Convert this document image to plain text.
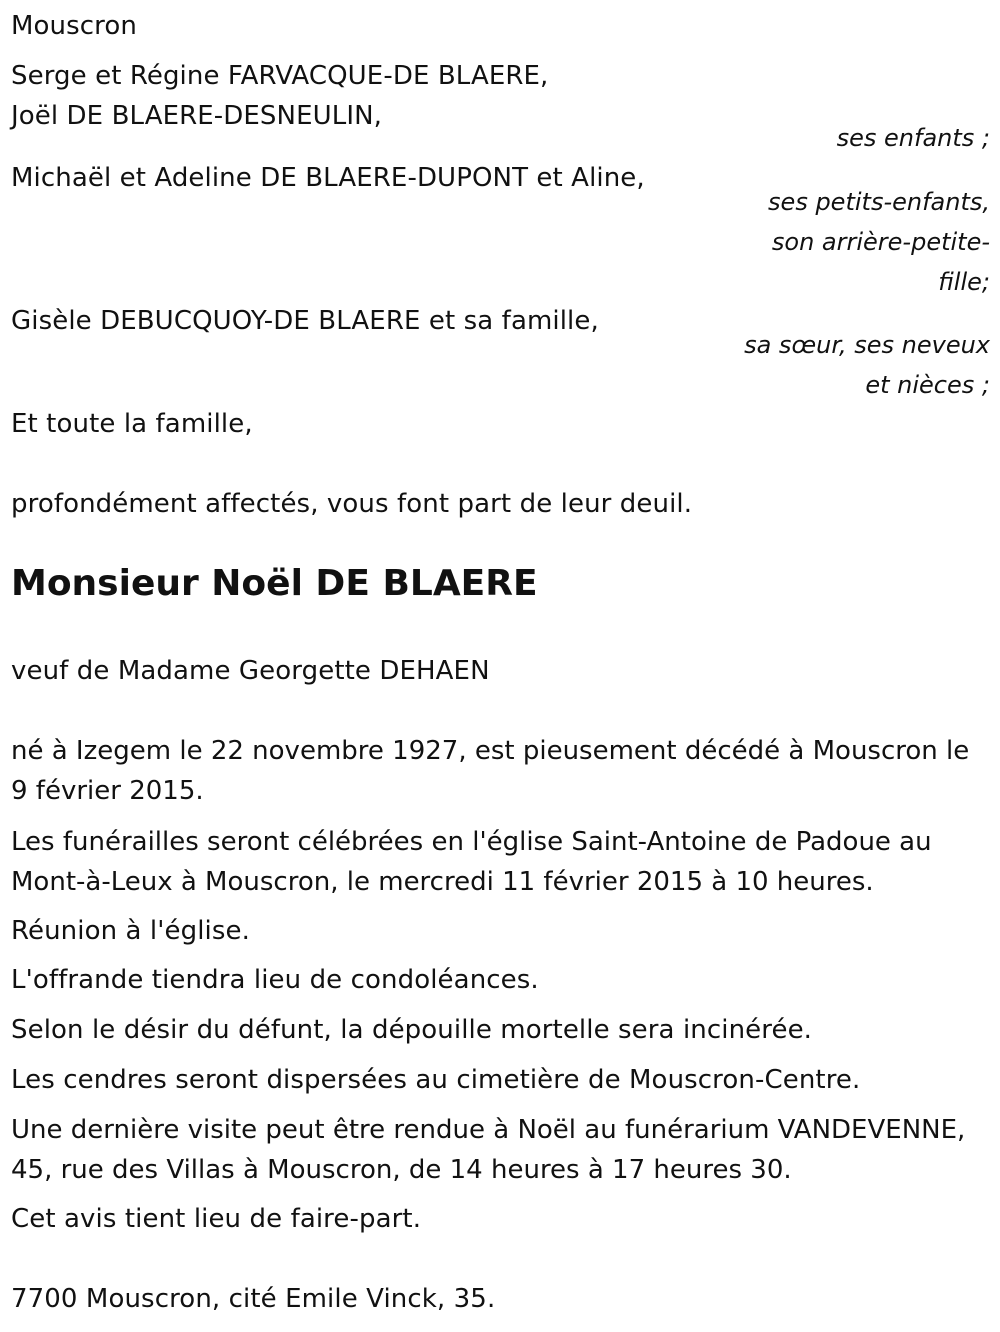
Mouscron
Serge et Régine FARVACQUE-DE BLAERE,
Joël DE BLAERE-DESNEULIN,
ses enfants ;
Michaël et Adeline DE BLAERE-DUPONT et Aline,
ses petits-enfants,
son arrière-petite-
fille;
Gisèle DEBUCQUOY-DE BLAERE et sa famille,
sa sœur, ses neveux
et nièces ;
Et toute la famille,
profondément affectés, vous font part de leur deuil.
Monsieur Noël DE BLAERE
veuf de Madame Georgette DEHAEN
né à Izegem le 22 novembre 1927, est pieusement décédé à Mouscron le 9 février 2015.
Les funérailles seront célébrées en l'église Saint-Antoine de Padoue au Mont-à-Leux à Mouscron, le mercredi 11 février 2015 à 10 heures.
Réunion à l'église.
L'offrande tiendra lieu de condoléances.
Selon le désir du défunt, la dépouille mortelle sera incinérée.
Les cendres seront dispersées au cimetière de Mouscron-Centre.
Une dernière visite peut être rendue à Noël au funérarium VANDEVENNE, 45, rue des Villas à Mouscron, de 14 heures à 17 heures 30.
Cet avis tient lieu de faire-part.
7700 Mouscron, cité Emile Vinck, 35.
